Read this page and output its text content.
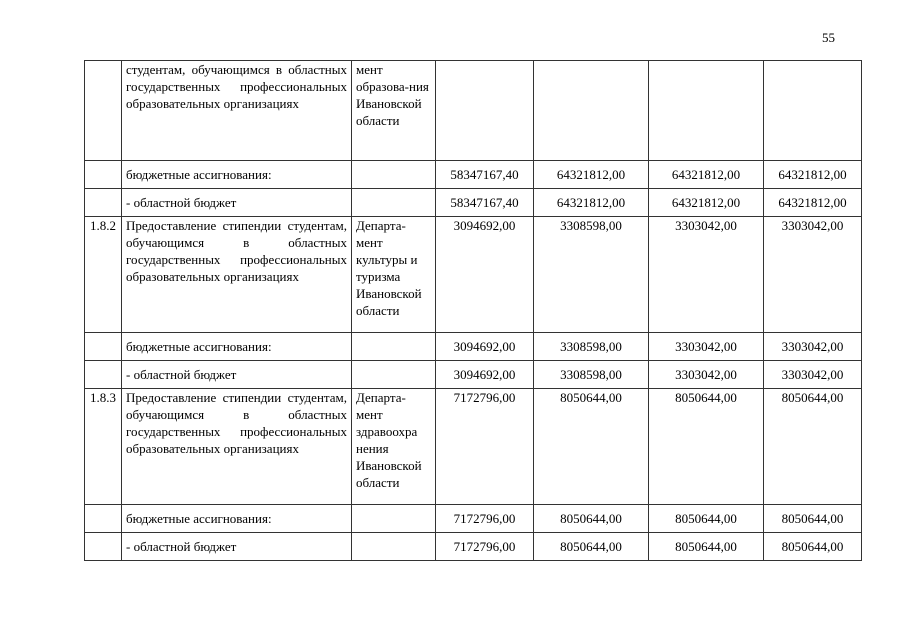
55
	студентам, обучающимся в областных государственных профессиональных образовательных организациях	мент образова-ния Ивановской области				
	бюджетные ассигнования:		58347167,40	64321812,00	64321812,00	64321812,00
	- областной бюджет		58347167,40	64321812,00	64321812,00	64321812,00
1.8.2	Предоставление стипендии студентам, обучающимся в областных государственных профессиональных образовательных организациях	Департа-мент культуры и туризма Ивановской области	3094692,00	3308598,00	3303042,00	3303042,00
	бюджетные ассигнования:		3094692,00	3308598,00	3303042,00	3303042,00
	- областной бюджет		3094692,00	3308598,00	3303042,00	3303042,00
1.8.3	Предоставление стипендии студентам, обучающимся в областных государственных профессиональных образовательных организациях	Департа-мент здравоохра нения Ивановской области	7172796,00	8050644,00	8050644,00	8050644,00
	бюджетные ассигнования:		7172796,00	8050644,00	8050644,00	8050644,00
	- областной бюджет		7172796,00	8050644,00	8050644,00	8050644,00
